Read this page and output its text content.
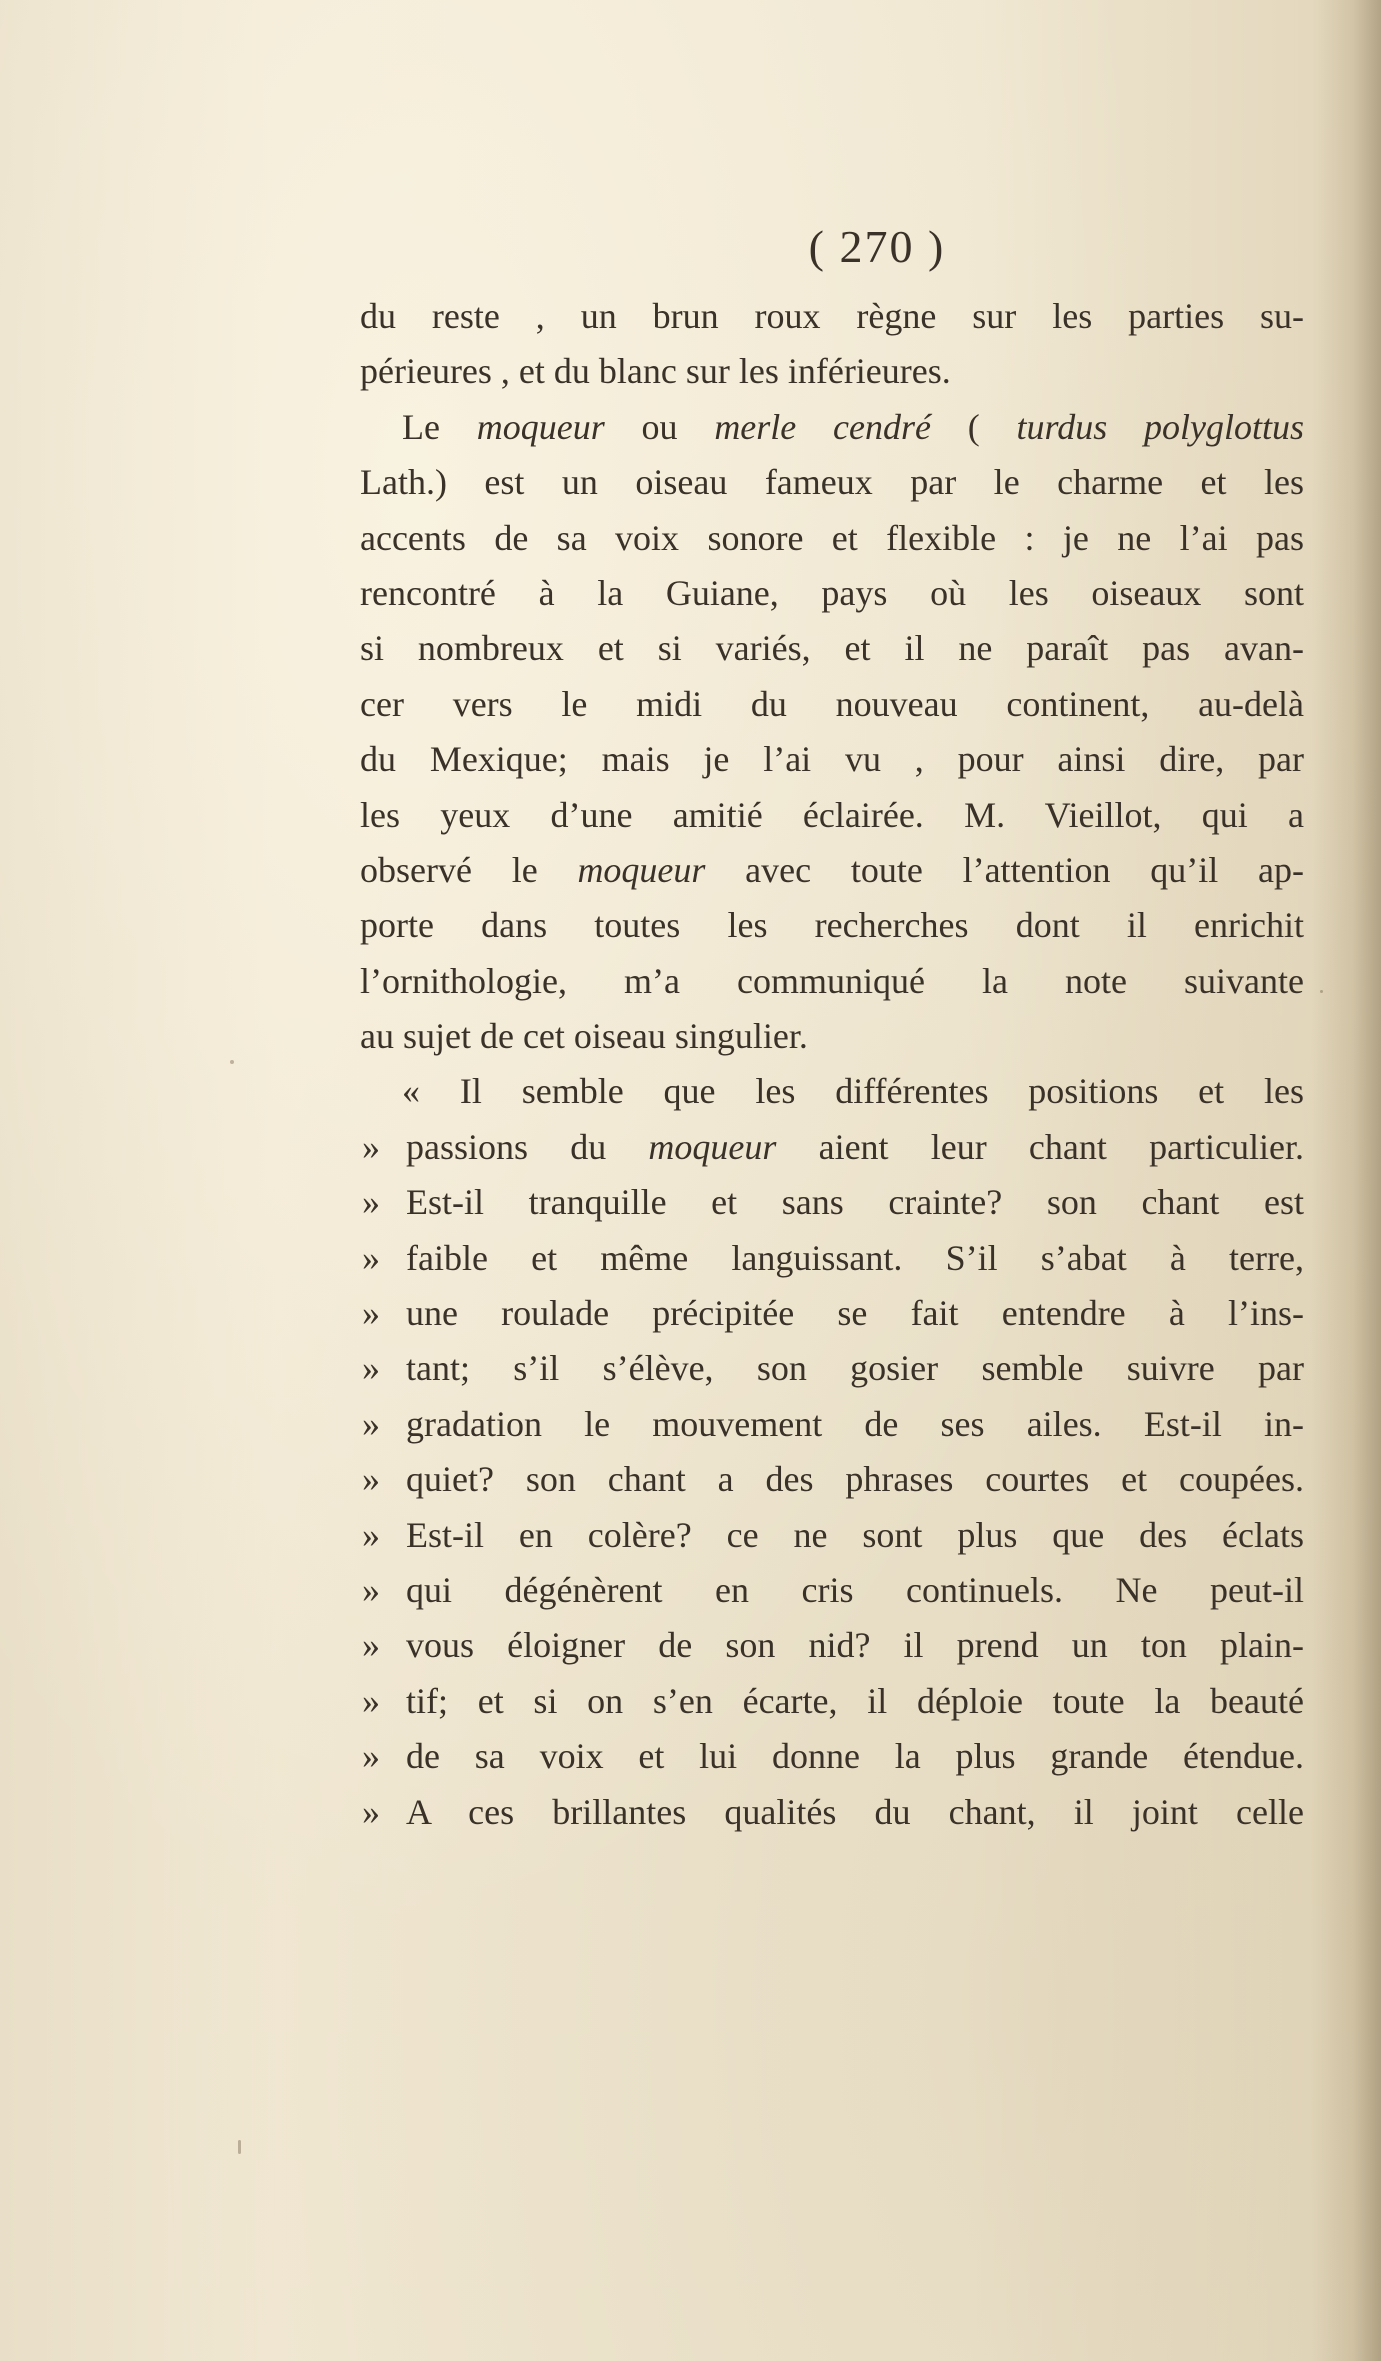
( 270 )
du reste , un brun roux règne sur les parties su-
périeures , et du blanc sur les inférieures.
Le moqueur ou merle cendré ( turdus polyglottus
Lath.) est un oiseau fameux par le charme et les
accents de sa voix sonore et flexible : je ne l’ai pas
rencontré à la Guiane, pays où les oiseaux sont
si nombreux et si variés, et il ne paraît pas avan-
cer vers le midi du nouveau continent, au-delà
du Mexique; mais je l’ai vu , pour ainsi dire, par
les yeux d’une amitié éclairée. M. Vieillot, qui a
observé le moqueur avec toute l’attention qu’il ap-
porte dans toutes les recherches dont il enrichit
l’ornithologie, m’a communiqué la note suivante
au sujet de cet oiseau singulier.
« Il semble que les différentes positions et les
» passions du moqueur aient leur chant particulier.
» Est-il tranquille et sans crainte? son chant est
» faible et même languissant. S’il s’abat à terre,
» une roulade précipitée se fait entendre à l’ins-
» tant; s’il s’élève, son gosier semble suivre par
» gradation le mouvement de ses ailes. Est-il in-
» quiet? son chant a des phrases courtes et coupées.
» Est-il en colère? ce ne sont plus que des éclats
» qui dégénèrent en cris continuels. Ne peut-il
» vous éloigner de son nid? il prend un ton plain-
» tif; et si on s’en écarte, il déploie toute la beauté
» de sa voix et lui donne la plus grande étendue.
» A ces brillantes qualités du chant, il joint celle
